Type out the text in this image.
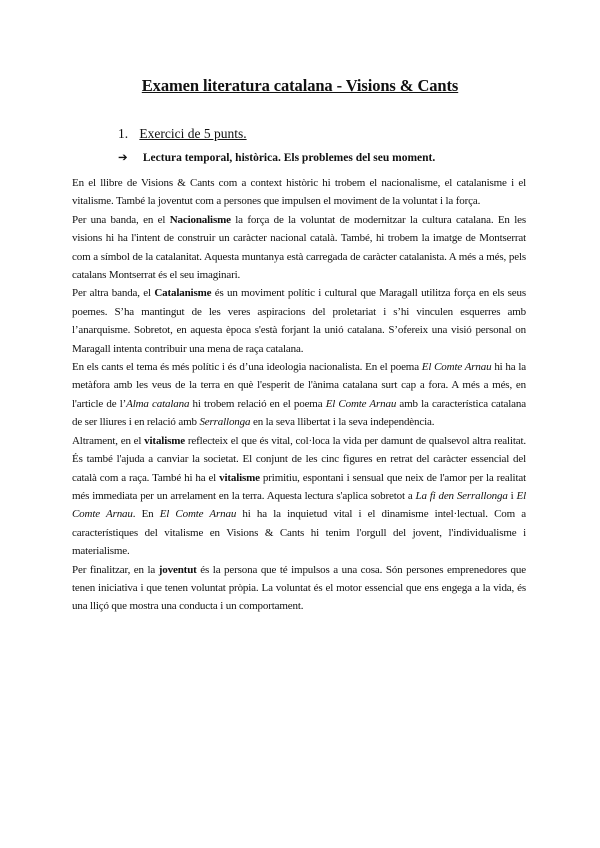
Examen literatura catalana - Visions & Cants
1. Exercici de 5 punts.
➔ Lectura temporal, històrica. Els problemes del seu moment.

En el llibre de Visions & Cants com a context històric hi trobem el nacionalisme, el catalanisme i el vitalisme. També la joventut com a persones que impulsen el moviment de la voluntat i la força.

Per una banda, en el Nacionalisme la força de la voluntat de modernitzar la cultura catalana. En les visions hi ha l'intent de construir un caràcter nacional català. També, hi trobem la imatge de Montserrat com a símbol de la catalanitat. Aquesta muntanya està carregada de caràcter catalanista. A més a més, pels catalans Montserrat és el seu imaginari.

Per altra banda, el Catalanisme és un moviment polític i cultural que Maragall utilitza força en els seus poemes. S’ha mantingut de les veres aspiracions del proletariat i s’hi vinculen esquerres amb l’anarquisme. Sobretot, en aquesta època s'està forjant la unió catalana. S’ofereix una visió personal on Maragall intenta contribuir una mena de raça catalana.

En els cants el tema és més polític i és d’una ideologia nacionalista. En el poema El Comte Arnau hi ha la metàfora amb les veus de la terra en què l'esperit de l'ànima catalana surt cap a fora. A més a més, en l'article de l’Alma catalana hi trobem relació en el poema El Comte Arnau amb la característica catalana de ser lliures i en relació amb Serrallonga en la seva llibertat i la seva independència.

Altrament, en el vitalisme reflecteix el que és vital, col·loca la vida per damunt de qualsevol altra realitat. És també l'ajuda a canviar la societat. El conjunt de les cinc figures en retrat del caràcter essencial del català com a raça. També hi ha el vitalisme primitiu, espontani i sensual que neix de l'amor per la realitat més immediata per un arrelament en la terra. Aquesta lectura s'aplica sobretot a La fi den Serrallonga i El Comte Arnau. En El Comte Arnau hi ha la inquietud vital i el dinamisme intel·lectual. Com a característiques del vitalisme en Visions & Cants hi tenim l'orgull del jovent, l'individualisme i materialisme.

Per finalitzar, en la joventut és la persona que té impulsos a una cosa. Són persones emprenedores que tenen iniciativa i que tenen voluntat pròpia. La voluntat és el motor essencial que ens engega a la vida, és una lliçó que mostra una conducta i un comportament.
